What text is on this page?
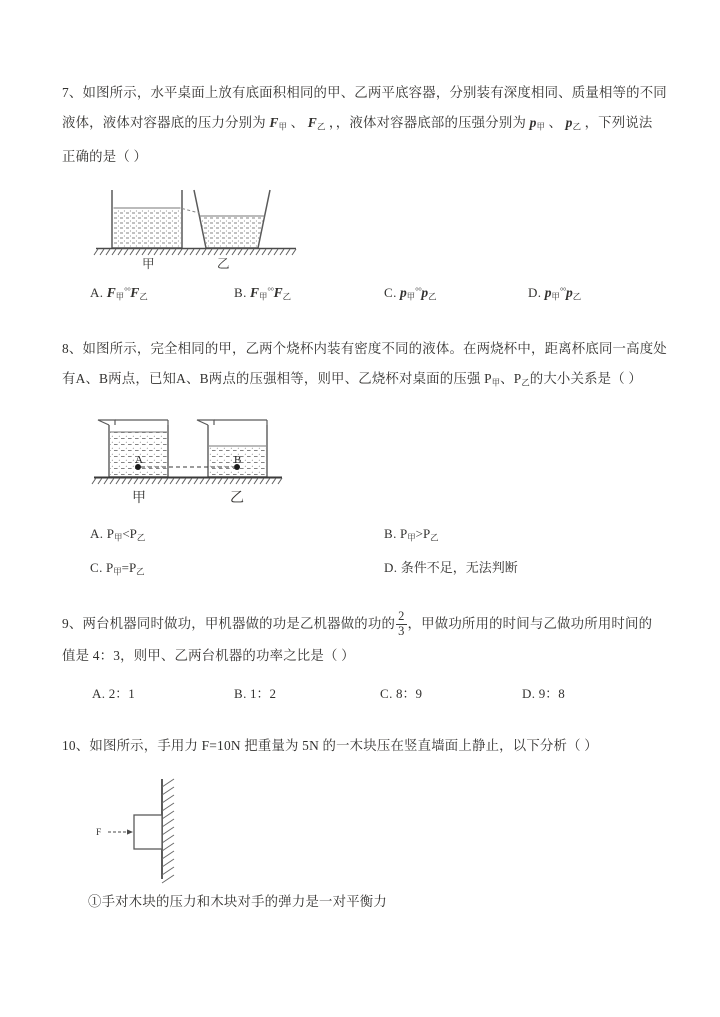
7、如图所示，水平桌面上放有底面积相同的甲、乙两平底容器，分别装有深度相同、质量相等的不同
液体，液体对容器底的压力分别为 $F_甲$ 、 $F_乙$ ，，液体对容器底部的压强分别为 $p_甲$ 、 $p_乙$ ，下列说法
正确的是（ ）
甲	乙
A. $F_甲^\circ^\circ F_乙$	B. $F_甲^\circ^\circ F_乙$	C. $p_甲^\circ^\circ p_乙$	D. $p_甲^\circ^\circ p_乙$
8、如图所示，完全相同的甲，乙两个烧杯内装有密度不同的液体。在两烧杯中，距离杯底同一高度处
有A、B两点，已知A、B两点的压强相等，则甲、乙烧杯对桌面的压强 $P_甲$、$P_乙$的大小关系是（ ）
A	B
甲	乙
A. $P_甲<P_乙$	B. $P_甲>P_乙$
C. $P_甲=P_乙$	D. 条件不足，无法判断
9、两台机器同时做功，甲机器做的功是乙机器做的功的 $\frac{2}{3}$ ，甲做功所用的时间与乙做功所用时间的
值是 4：3，则甲、乙两台机器的功率之比是（ ）
A. 2：1	B. 1：2	C. 8：9	D. 9：8
10、如图所示，手用力 F=10N 把重量为 5N 的一木块压在竖直墙面上静止，以下分析（ ）
F
①手对木块的压力和木块对手的弹力是一对平衡力
